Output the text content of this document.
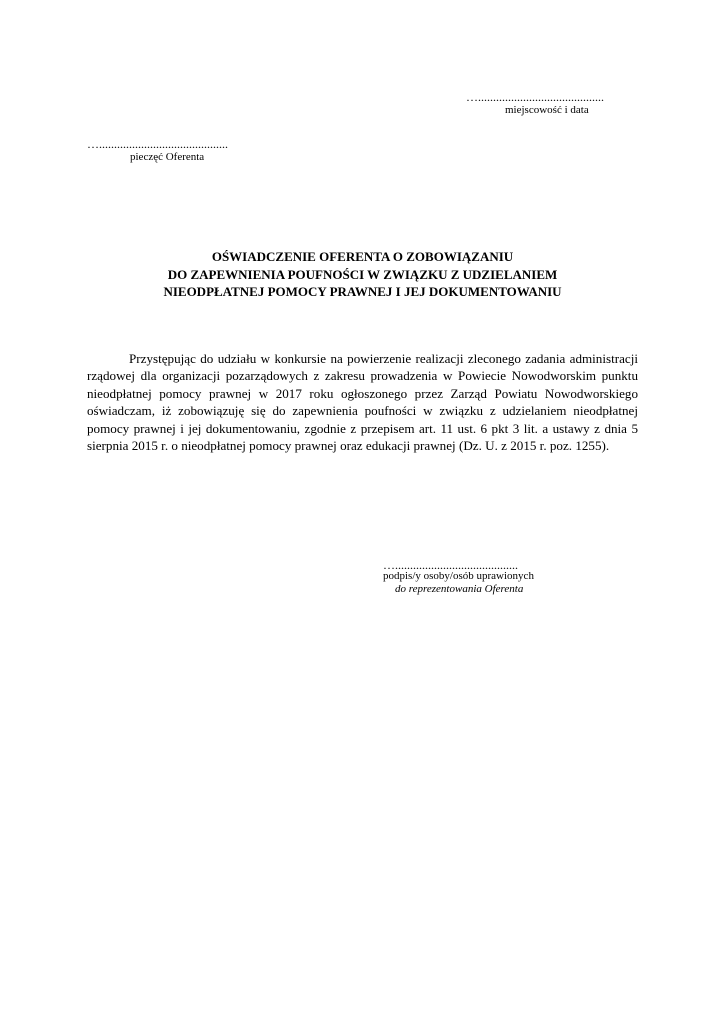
…..........................................
miejscowość i data
…...........................................
pieczęć Oferenta
OŚWIADCZENIE OFERENTA O ZOBOWIĄZANIU
DO ZAPEWNIENIA POUFNOŚCI W ZWIĄZKU Z UDZIELANIEM
NIEODPŁATNEJ POMOCY PRAWNEJ I JEJ DOKUMENTOWANIU
Przystępując do udziału w konkursie na powierzenie realizacji zleconego zadania administracji rządowej dla organizacji pozarządowych z zakresu prowadzenia w Powiecie Nowodworskim punktu nieodpłatnej pomocy prawnej w 2017 roku ogłoszonego przez Zarząd Powiatu Nowodworskiego oświadczam, iż zobowiązuję się do zapewnienia poufności w związku z udzielaniem nieodpłatnej pomocy prawnej i jej dokumentowaniu, zgodnie z przepisem art. 11 ust. 6 pkt 3 lit. a ustawy z dnia 5 sierpnia 2015 r. o nieodpłatnej pomocy prawnej oraz edukacji prawnej (Dz. U. z 2015 r. poz. 1255).
….........................................
podpis/y osoby/osób uprawionych
do reprezentowania Oferenta
